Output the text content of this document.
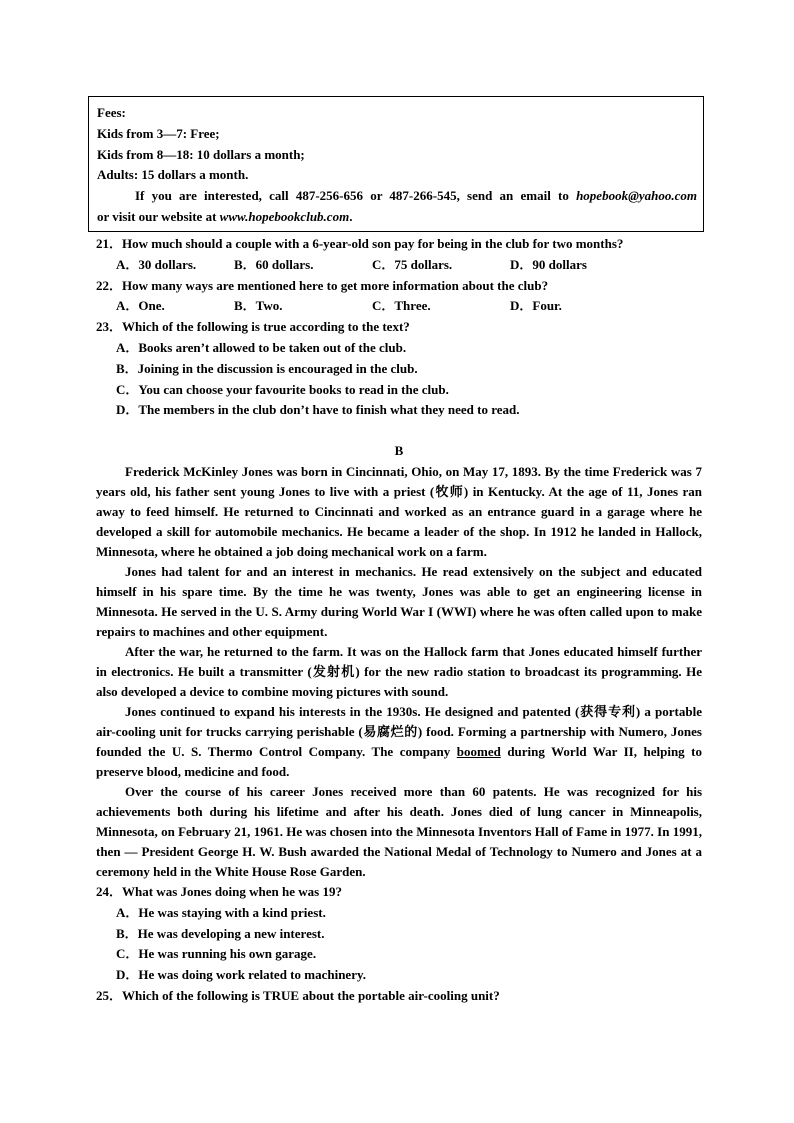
Fees:
Kids from 3—7: Free;
Kids from 8—18: 10 dollars a month;
Adults: 15 dollars a month.
If you are interested, call 487-256-656 or 487-266-545, send an email to hopebook@yahoo.com
or visit our website at www.hopebookclub.com.
21．How much should a couple with a 6-year-old son pay for being in the club for two months?
A．30 dollars.	B．60 dollars.	C．75 dollars.	D．90 dollars
22．How many ways are mentioned here to get more information about the club?
A．One.	B．Two.	C．Three.	D．Four.
23．Which of the following is true according to the text?
A．Books aren’t allowed to be taken out of the club.
B．Joining in the discussion is encouraged in the club.
C．You can choose your favourite books to read in the club.
D．The members in the club don’t have to finish what they need to read.
B

Frederick McKinley Jones was born in Cincinnati, Ohio, on May 17, 1893. By the time Frederick was 7 years old, his father sent young Jones to live with a priest (牧师) in Kentucky. At the age of 11, Jones ran away to feed himself. He returned to Cincinnati and worked as an entrance guard in a garage where he developed a skill for automobile mechanics. He became a leader of the shop. In 1912 he landed in Hallock, Minnesota, where he obtained a job doing mechanical work on a farm.

Jones had talent for and an interest in mechanics. He read extensively on the subject and educated himself in his spare time. By the time he was twenty, Jones was able to get an engineering license in Minnesota. He served in the U. S. Army during World War I (WWI) where he was often called upon to make repairs to machines and other equipment.

After the war, he returned to the farm. It was on the Hallock farm that Jones educated himself further in electronics. He built a transmitter (发射机) for the new radio station to broadcast its programming. He also developed a device to combine moving pictures with sound.

Jones continued to expand his interests in the 1930s. He designed and patented (获得专利) a portable air-cooling unit for trucks carrying perishable (易腐烂的) food. Forming a partnership with Numero, Jones founded the U. S. Thermo Control Company. The company boomed during World War II, helping to preserve blood, medicine and food.

Over the course of his career Jones received more than 60 patents. He was recognized for his achievements both during his lifetime and after his death. Jones died of lung cancer in Minneapolis, Minnesota, on February 21, 1961. He was chosen into the Minnesota Inventors Hall of Fame in 1977. In 1991, then — President George H. W. Bush awarded the National Medal of Technology to Numero and Jones at a ceremony held in the White House Rose Garden.

24．What was Jones doing when he was 19?
A．He was staying with a kind priest.
B．He was developing a new interest.
C．He was running his own garage.
D．He was doing work related to machinery.
25．Which of the following is TRUE about the portable air-cooling unit?
